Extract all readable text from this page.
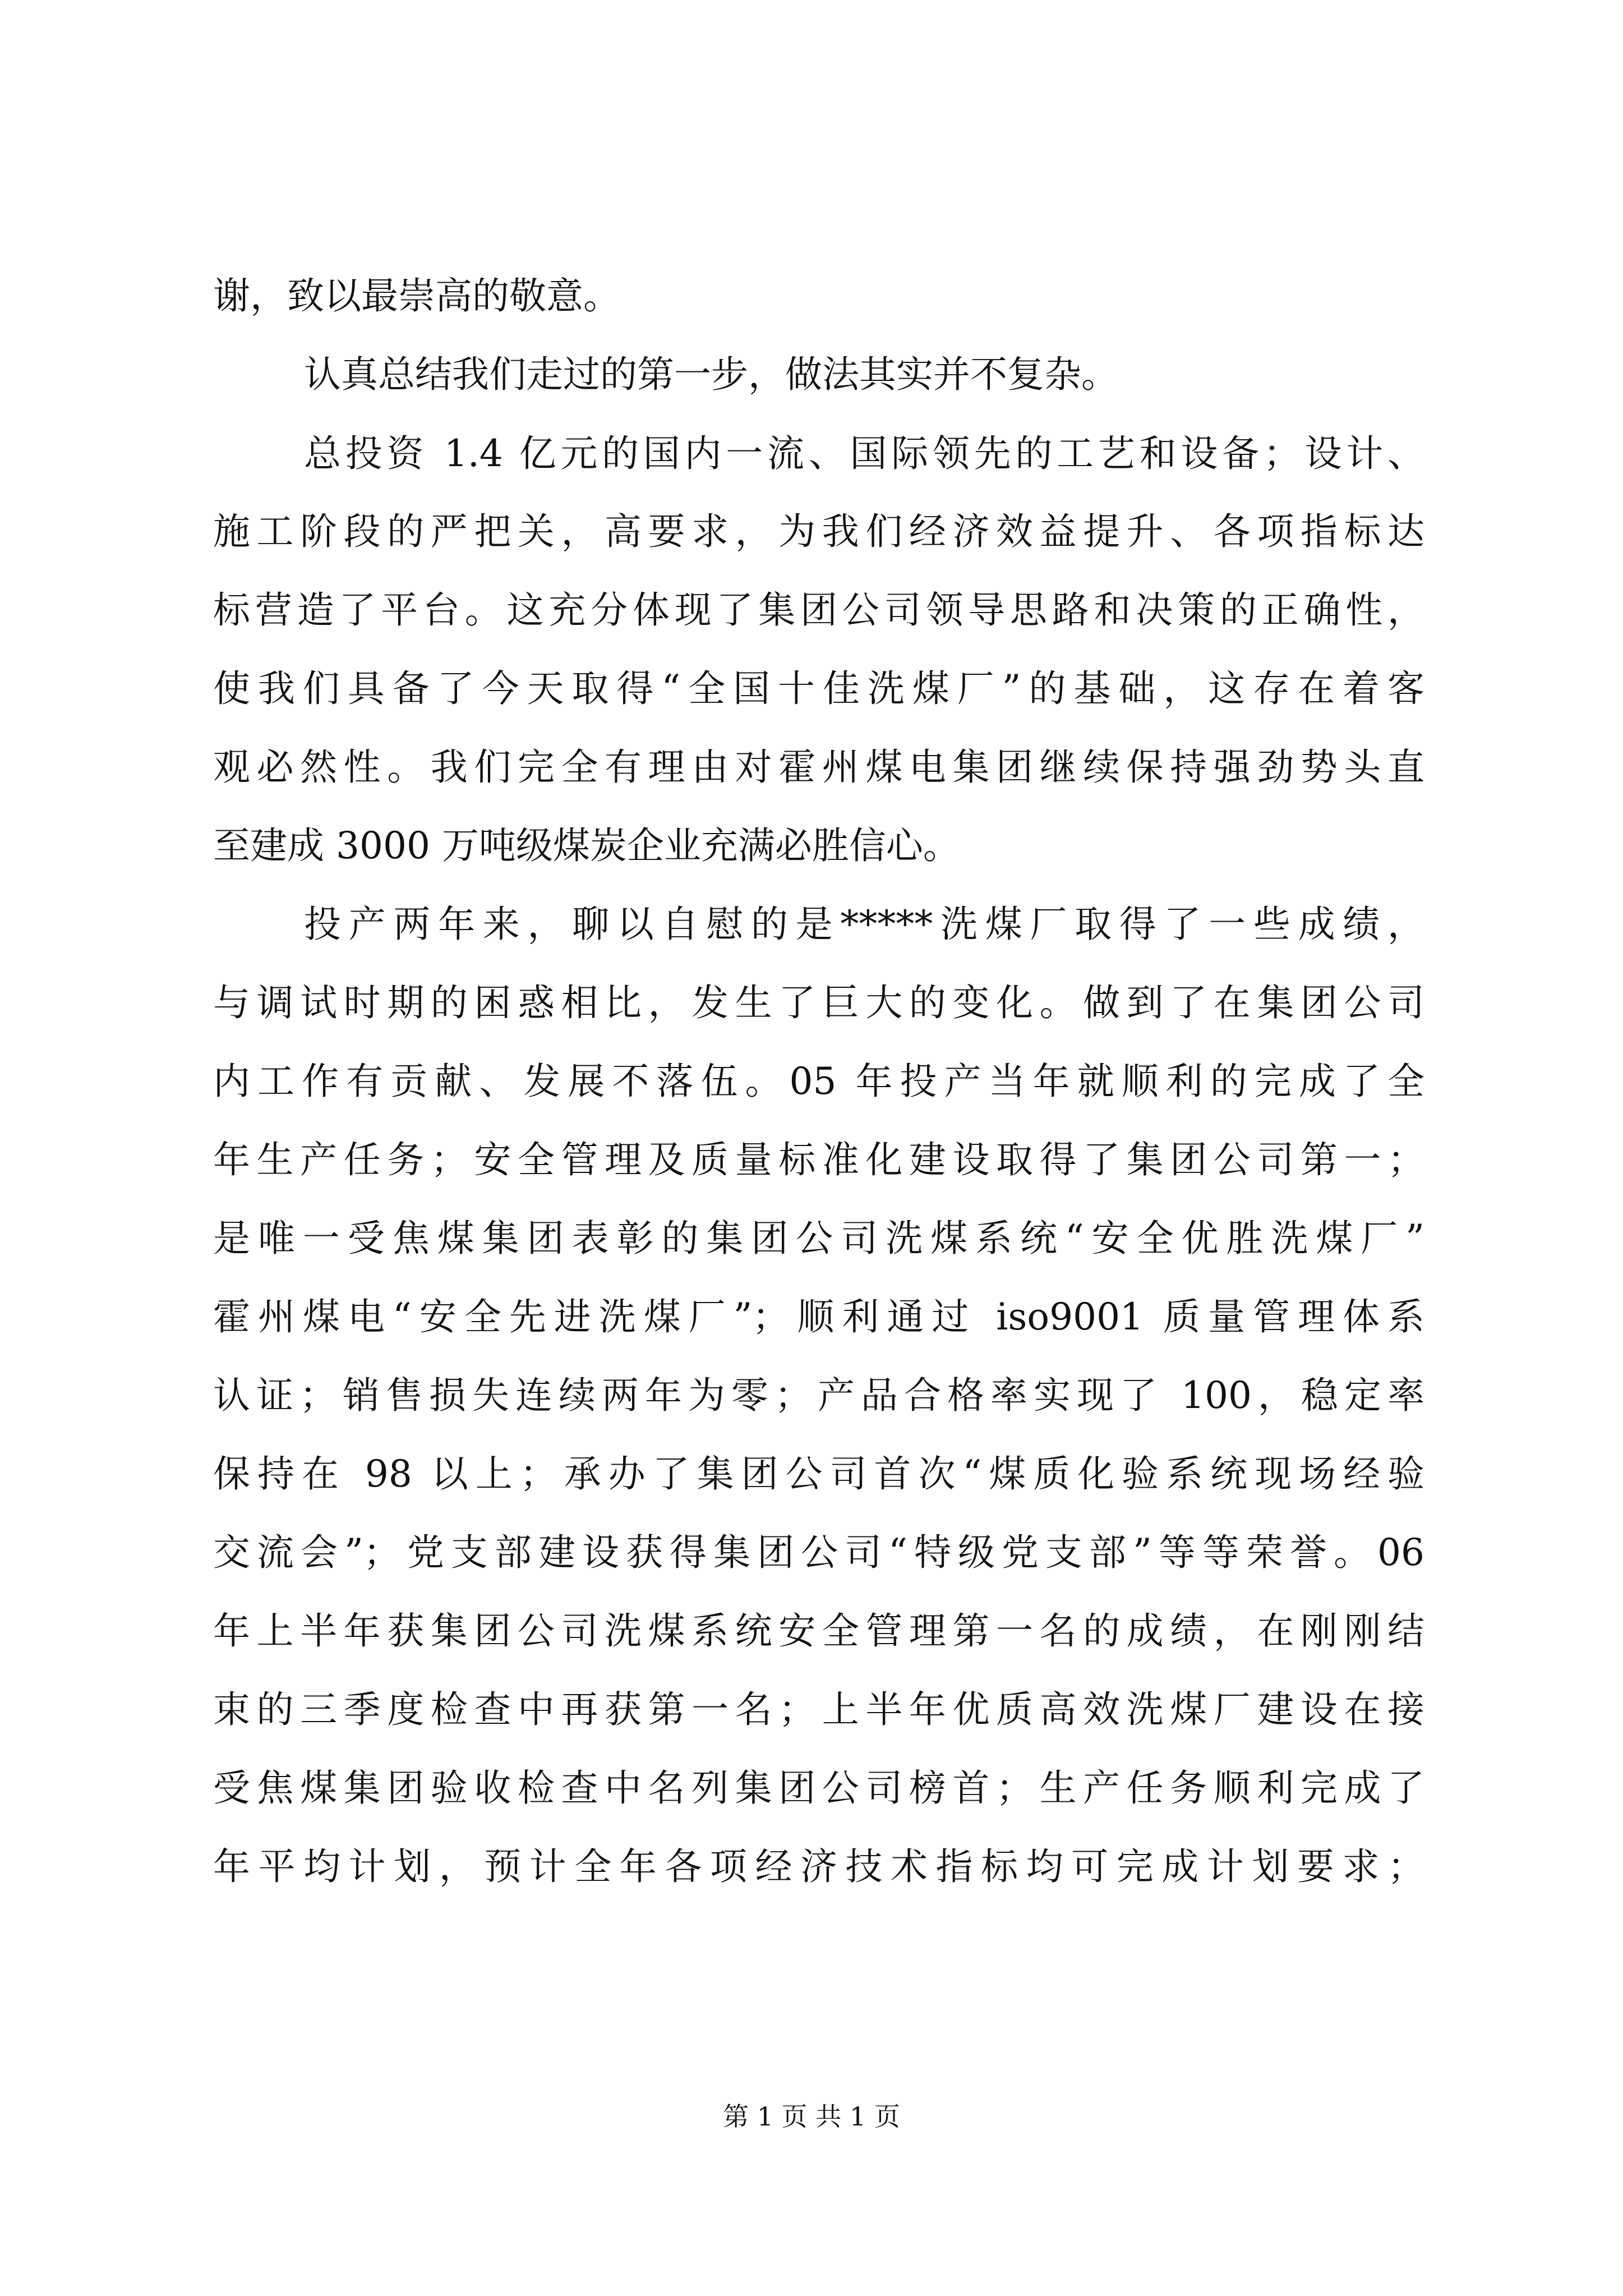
谢，致以最崇高的敬意。
认真总结我们走过的第一步，做法其实并不复杂。
总投资 1.4 亿元的国内一流、国际领先的工艺和设备；设计、
施工阶段的严把关，高要求，为我们经济效益提升、各项指标达
标营造了平台。这充分体现了集团公司领导思路和决策的正确性，
使我们具备了今天取得“全国十佳洗煤厂”的基础，这存在着客
观必然性。我们完全有理由对霍州煤电集团继续保持强劲势头直
至建成 3000 万吨级煤炭企业充满必胜信心。
投产两年来，聊以自慰的是*****洗煤厂取得了一些成绩，
与调试时期的困惑相比，发生了巨大的变化。做到了在集团公司
内工作有贡献、发展不落伍。05 年投产当年就顺利的完成了全
年生产任务；安全管理及质量标准化建设取得了集团公司第一；
是唯一受焦煤集团表彰的集团公司洗煤系统“安全优胜洗煤厂”
霍州煤电“安全先进洗煤厂”；顺利通过 iso9001 质量管理体系
认证；销售损失连续两年为零；产品合格率实现了 100，稳定率
保持在 98 以上；承办了集团公司首次“煤质化验系统现场经验
交流会”；党支部建设获得集团公司“特级党支部”等等荣誉。06
年上半年获集团公司洗煤系统安全管理第一名的成绩，在刚刚结
束的三季度检查中再获第一名；上半年优质高效洗煤厂建设在接
受焦煤集团验收检查中名列集团公司榜首；生产任务顺利完成了
年平均计划，预计全年各项经济技术指标均可完成计划要求；
第 1 页 共 1 页
